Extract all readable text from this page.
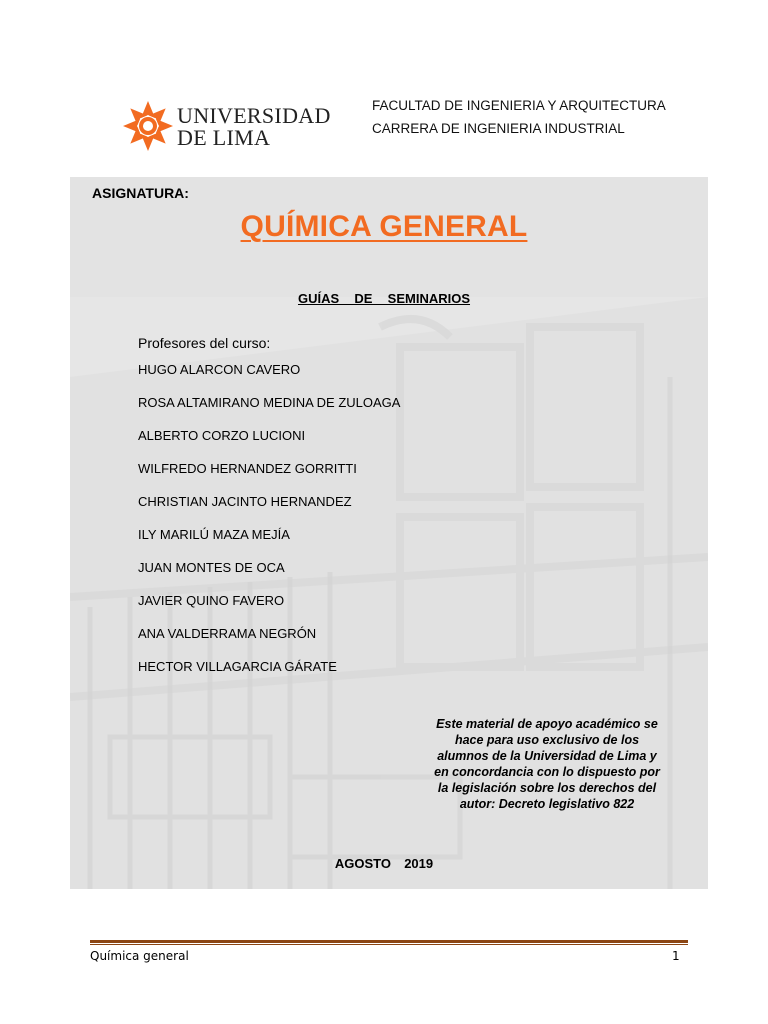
UNIVERSIDAD
DE LIMA
FACULTAD DE INGENIERIA Y ARQUITECTURA
CARRERA DE INGENIERIA INDUSTRIAL
ASIGNATURA:
QUÍMICA GENERAL
GUÍAS  DE  SEMINARIOS
Profesores del curso:
HUGO ALARCON CAVERO
ROSA ALTAMIRANO MEDINA DE ZULOAGA
ALBERTO CORZO LUCIONI
WILFREDO HERNANDEZ GORRITTI
CHRISTIAN JACINTO HERNANDEZ
ILY MARILÚ MAZA MEJÍA
JUAN MONTES DE OCA
JAVIER QUINO FAVERO
ANA VALDERRAMA NEGRÓN
HECTOR VILLAGARCIA GÁRATE
Este material de apoyo académico se
hace para uso exclusivo de los
alumnos de la Universidad de Lima y
en concordancia con lo dispuesto por
la legislación sobre los derechos del
autor: Decreto legislativo 822
AGOSTO  2019
Química general	1
